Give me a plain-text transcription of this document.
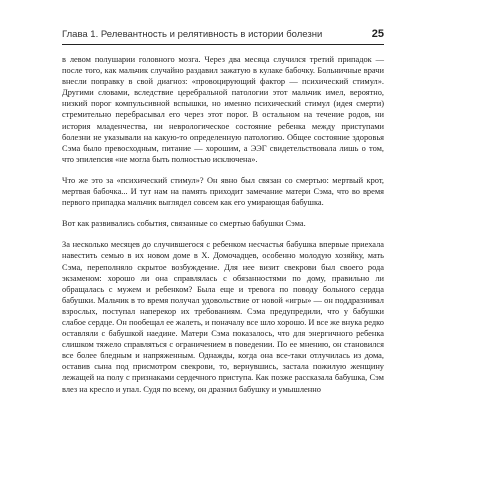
Глава 1. Релевантность и релятивность в истории болезни	25

в левом полушарии головного мозга. Через два месяца случился третий припадок — после того, как мальчик случайно раздавил зажатую в кулаке бабочку. Больничные врачи внесли поправку в свой диагноз: «провоцирующий фактор — психический стимул». Другими словами, вследствие церебральной патологии этот мальчик имел, вероятно, низкий порог компульсивной вспышки, но именно психический стимул (идея смерти) стремительно перебрасывал его через этот порог. В остальном на течение родов, ни история младенчества, ни неврологическое состояние ребенка между приступами болезни не указывали на какую-то определенную патологию. Общее состояние здоровья Сэма было превосходным, питание — хорошим, а ЭЭГ свидетельствовала лишь о том, что эпилепсия «не могла быть полностью исключена».

Что же это за «психический стимул»? Он явно был связан со смертью: мертвый крот, мертвая бабочка... И тут нам на память приходит замечание матери Сэма, что во время первого припадка мальчик выглядел совсем как его умирающая бабушка.

Вот как развивались события, связанные со смертью бабушки Сэма.

За несколько месяцев до случившегося с ребенком несчастья бабушка впервые приехала навестить семью в их новом доме в Х. Домочадцев, особенно молодую хозяйку, мать Сэма, переполняло скрытое возбуждение. Для нее визит свекрови был своего рода экзаменом: хорошо ли она справлялась с обязанностями по дому, правильно ли обращалась с мужем и ребенком? Была еще и тревога по поводу больного сердца бабушки. Мальчик в то время получал удовольствие от новой «игры» — он поддразнивал взрослых, поступал наперекор их требованиям. Сэма предупредили, что у бабушки слабое сердце. Он пообещал ее жалеть, и поначалу все шло хорошо. И все же внука редко оставляли с бабушкой наедине. Матери Сэма показалось, что для энергичного ребенка слишком тяжело справляться с ограничением в поведении. По ее мнению, он становился все более бледным и напряженным. Однажды, когда она все-таки отлучилась из дома, оставив сына под присмотром свекрови, то, вернувшись, застала пожилую женщину лежащей на полу с признаками сердечного приступа. Как позже рассказала бабушка, Сэм влез на кресло и упал. Судя по всему, он дразнил бабушку и умышленно
